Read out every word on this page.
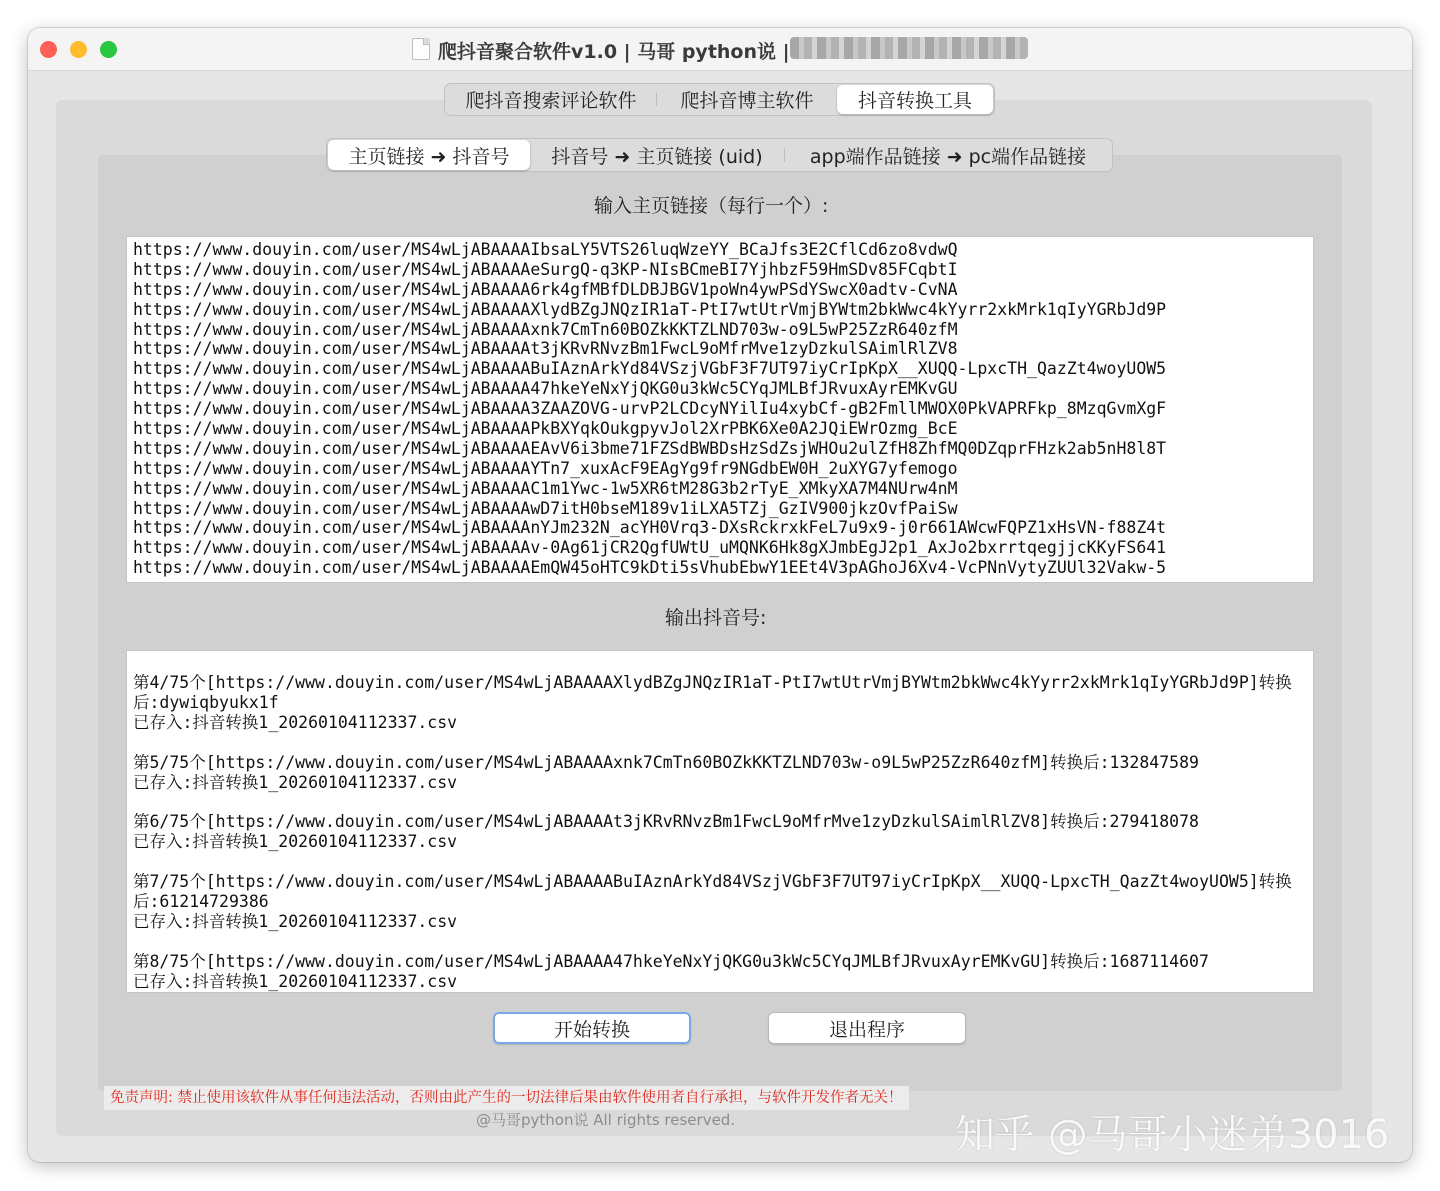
爬抖音聚合软件v1.0 | 马哥 python说 |
爬抖音搜索评论软件	爬抖音博主软件	抖音转换工具
主页链接 ➜ 抖音号	抖音号 ➜ 主页链接 (uid)	app端作品链接 ➜ pc端作品链接
输入主页链接（每行一个）:
https://www.douyin.com/user/MS4wLjABAAAAIbsaLY5VTS26luqWzeYY_BCaJfs3E2CflCd6zo8vdwQ
https://www.douyin.com/user/MS4wLjABAAAAeSurgQ-q3KP-NIsBCmeBI7YjhbzF59HmSDv85FCqbtI
https://www.douyin.com/user/MS4wLjABAAAA6rk4gfMBfDLDBJBGV1poWn4ywPSdYSwcX0adtv-CvNA
https://www.douyin.com/user/MS4wLjABAAAAXlydBZgJNQzIR1aT-PtI7wtUtrVmjBYWtm2bkWwc4kYyrr2xkMrk1qIyYGRbJd9P
https://www.douyin.com/user/MS4wLjABAAAAxnk7CmTn60BOZkKKTZLND703w-o9L5wP25ZzR640zfM
https://www.douyin.com/user/MS4wLjABAAAAt3jKRvRNvzBm1FwcL9oMfrMve1zyDzkulSAimlRlZV8
https://www.douyin.com/user/MS4wLjABAAAABuIAznArkYd84VSzjVGbF3F7UT97iyCrIpKpX__XUQQ-LpxcTH_QazZt4woyUOW5
https://www.douyin.com/user/MS4wLjABAAAA47hkeYeNxYjQKG0u3kWc5CYqJMLBfJRvuxAyrEMKvGU
https://www.douyin.com/user/MS4wLjABAAAA3ZAAZOVG-urvP2LCDcyNYilIu4xybCf-gB2FmllMWOX0PkVAPRFkp_8MzqGvmXgF
https://www.douyin.com/user/MS4wLjABAAAAPkBXYqkOukgpyvJol2XrPBK6Xe0A2JQiEWrOzmg_BcE
https://www.douyin.com/user/MS4wLjABAAAAEAvV6i3bme71FZSdBWBDsHzSdZsjWHOu2ulZfH8ZhfMQ0DZqprFHzk2ab5nH8l8T
https://www.douyin.com/user/MS4wLjABAAAAYTn7_xuxAcF9EAgYg9fr9NGdbEW0H_2uXYG7yfemogo
https://www.douyin.com/user/MS4wLjABAAAAC1m1Ywc-1w5XR6tM28G3b2rTyE_XMkyXA7M4NUrw4nM
https://www.douyin.com/user/MS4wLjABAAAAwD7itH0bseM189v1iLXA5TZj_GzIV900jkzOvfPaiSw
https://www.douyin.com/user/MS4wLjABAAAAnYJm232N_acYH0Vrq3-DXsRckrxkFeL7u9x9-j0r661AWcwFQPZ1xHsVN-f88Z4t
https://www.douyin.com/user/MS4wLjABAAAAv-0Ag61jCR2QgfUWtU_uMQNK6Hk8gXJmbEgJ2p1_AxJo2bxrrtqegjjcKKyFS641
https://www.douyin.com/user/MS4wLjABAAAAEmQW45oHTC9kDti5sVhubEbwY1EEt4V3pAGhoJ6Xv4-VcPNnVytyZUUl32Vakw-5
输出抖音号:
第4/75个[https://www.douyin.com/user/MS4wLjABAAAAXlydBZgJNQzIR1aT-PtI7wtUtrVmjBYWtm2bkWwc4kYyrr2xkMrk1qIyYGRbJd9P]转换后:dywiqbyukx1f
已存入:抖音转换1_20260104112337.csv
第5/75个[https://www.douyin.com/user/MS4wLjABAAAAxnk7CmTn60BOZkKKTZLND703w-o9L5wP25ZzR640zfM]转换后:132847589
已存入:抖音转换1_20260104112337.csv
第6/75个[https://www.douyin.com/user/MS4wLjABAAAAt3jKRvRNvzBm1FwcL9oMfrMve1zyDzkulSAimlRlZV8]转换后:279418078
已存入:抖音转换1_20260104112337.csv
第7/75个[https://www.douyin.com/user/MS4wLjABAAAABuIAznArkYd84VSzjVGbF3F7UT97iyCrIpKpX__XUQQ-LpxcTH_QazZt4woyUOW5]转换后:61214729386
已存入:抖音转换1_20260104112337.csv
第8/75个[https://www.douyin.com/user/MS4wLjABAAAA47hkeYeNxYjQKG0u3kWc5CYqJMLBfJRvuxAyrEMKvGU]转换后:1687114607
已存入:抖音转换1_20260104112337.csv
开始转换	退出程序
免责声明: 禁止使用该软件从事任何违法活动，否则由此产生的一切法律后果由软件使用者自行承担，与软件开发作者无关！
@马哥python说 All rights reserved.	知乎 @马哥小迷弟3016
